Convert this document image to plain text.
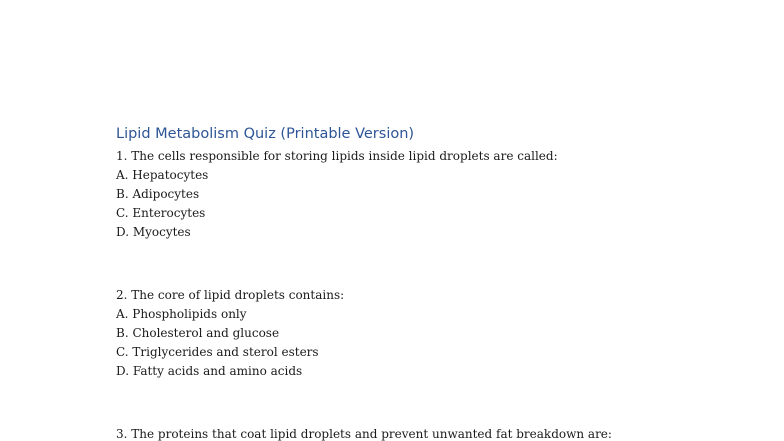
Lipid Metabolism Quiz (Printable Version)
1. The cells responsible for storing lipids inside lipid droplets are called:
A. Hepatocytes
B. Adipocytes
C. Enterocytes
D. Myocytes
2. The core of lipid droplets contains:
A. Phospholipids only
B. Cholesterol and glucose
C. Triglycerides and sterol esters
D. Fatty acids and amino acids
3. The proteins that coat lipid droplets and prevent unwanted fat breakdown are:
